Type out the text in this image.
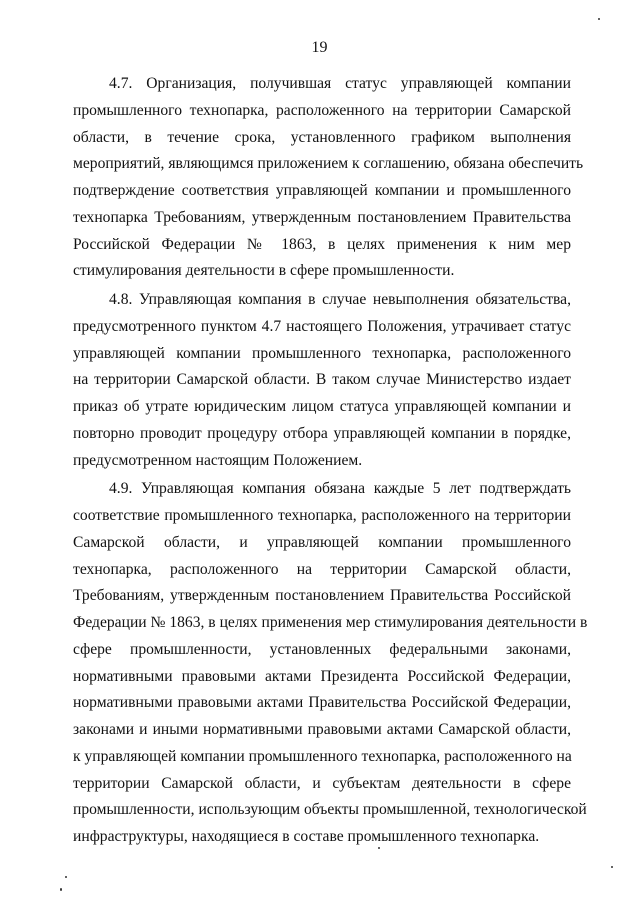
19

4.7. Организация, получившая статус управляющей компании
промышленного технопарка, расположенного на территории Самарской
области, в течение срока, установленного графиком выполнения
мероприятий, являющимся приложением к соглашению, обязана обеспечить
подтверждение соответствия управляющей компании и промышленного
технопарка Требованиям, утвержденным постановлением Правительства
Российской Федерации № 1863, в целях применения к ним мер
стимулирования деятельности в сфере промышленности.

4.8. Управляющая компания в случае невыполнения обязательства,
предусмотренного пунктом 4.7 настоящего Положения, утрачивает статус
управляющей компании промышленного технопарка, расположенного
на территории Самарской области. В таком случае Министерство издает
приказ об утрате юридическим лицом статуса управляющей компании и
повторно проводит процедуру отбора управляющей компании в порядке,
предусмотренном настоящим Положением.

4.9. Управляющая компания обязана каждые 5 лет подтверждать
соответствие промышленного технопарка, расположенного на территории
Самарской области, и управляющей компании промышленного
технопарка, расположенного на территории Самарской области,
Требованиям, утвержденным постановлением Правительства Российской
Федерации № 1863, в целях применения мер стимулирования деятельности в
сфере промышленности, установленных федеральными законами,
нормативными правовыми актами Президента Российской Федерации,
нормативными правовыми актами Правительства Российской Федерации,
законами и иными нормативными правовыми актами Самарской области,
к управляющей компании промышленного технопарка, расположенного на
территории Самарской области, и субъектам деятельности в сфере
промышленности, использующим объекты промышленной, технологической
инфраструктуры, находящиеся в составе промышленного технопарка.
